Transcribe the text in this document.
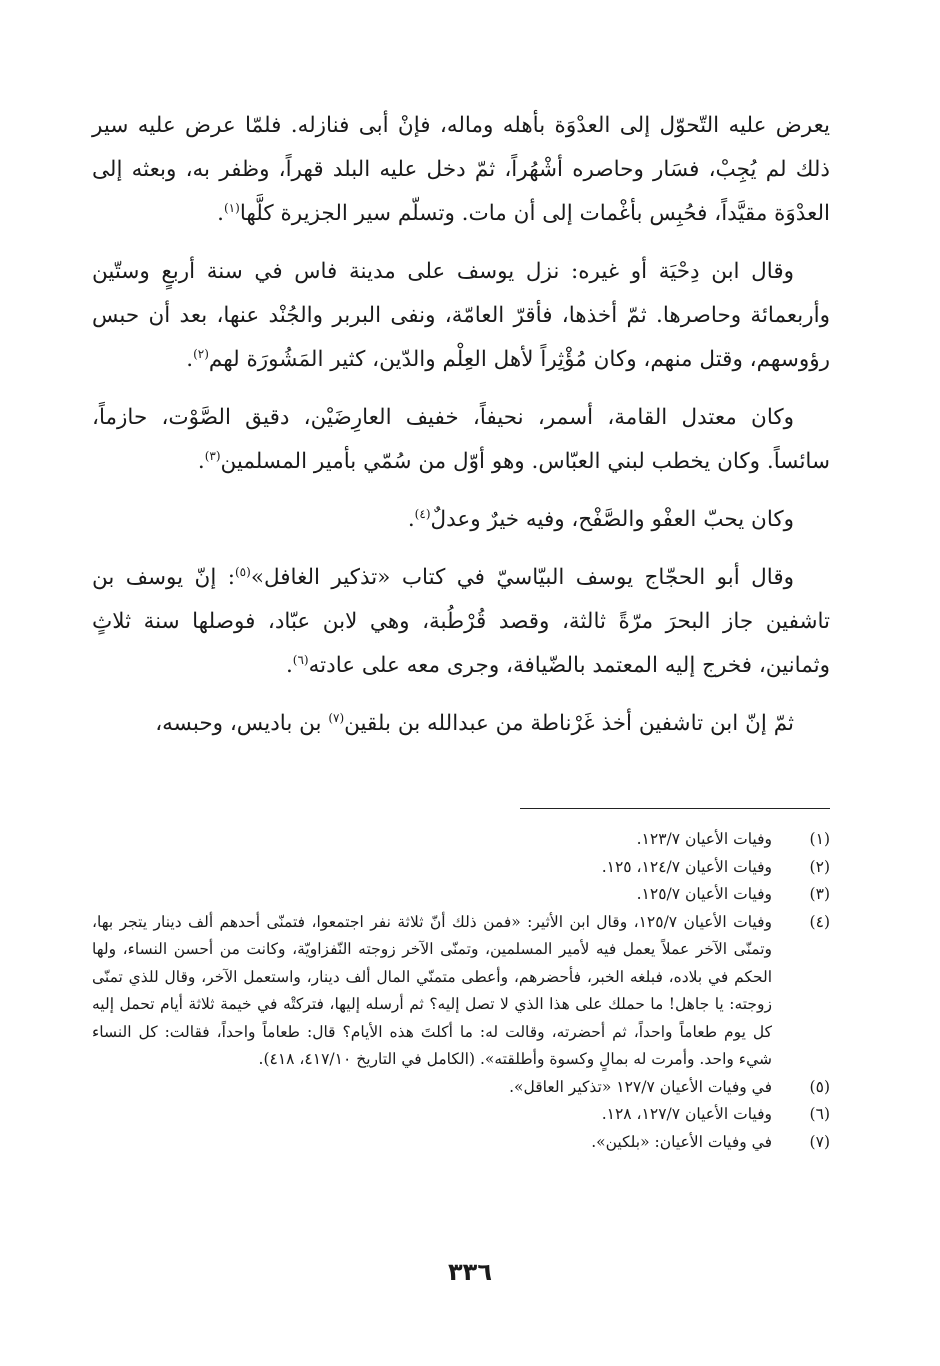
يعرض عليه التّحوّل إلى العدْوَة بأهله وماله، فإنْ أبى فنازله. فلمّا عرض عليه سير ذلك لم يُجِبْ، فسَار وحاصره أشْهُراً، ثمّ دخل عليه البلد قهراً، وظفر به، وبعثه إلى العدْوَة مقيَّداً، فحُبِس بأغْمات إلى أن مات. وتسلّم سير الجزيرة كلَّها$^{(١)}$.

وقال ابن دِحْيَة أو غيره: نزل يوسف على مدينة فاس في سنة أربعٍ وستّين وأربعمائة وحاصرها. ثمّ أخذها، فأقرّ العامّة، ونفى البربر والجُنْد عنها، بعد أن حبس رؤوسهم، وقتل منهم، وكان مُؤْثِراً لأهل العِلْم والدّين، كثير المَشُورَة لهم$^{(٢)}$.

وكان معتدل القامة، أسمر، نحيفاً، خفيف العارِضَيْن، دقيق الصَّوْت، حازماً، سائساً. وكان يخطب لبني العبّاس. وهو أوّل من سُمّي بأمير المسلمين$^{(٣)}$.

وكان يحبّ العفْو والصَّفْح، وفيه خيرٌ وعدلٌ$^{(٤)}$.

وقال أبو الحجّاج يوسف البيّاسيّ في كتاب «تذكير الغافل»$^{(٥)}$: إنّ يوسف بن تاشفين جاز البحرَ مرّةً ثالثة، وقصد قُرْطُبة، وهي لابن عبّاد، فوصلها سنة ثلاثٍ وثمانين، فخرج إليه المعتمد بالضّيافة، وجرى معه على عادته$^{(٦)}$.

ثمّ إنّ ابن تاشفين أخذ غَرْناطة من عبدالله بن بلقين$^{(٧)}$ بن باديس، وحبسه،

(١)
وفيات الأعيان ١٢٣/٧.
(٢)
وفيات الأعيان ١٢٤/٧، ١٢٥.
(٣)
وفيات الأعيان ١٢٥/٧.
(٤)
وفيات الأعيان ١٢٥/٧، وقال ابن الأثير: «فمن ذلك أنّ ثلاثة نفر اجتمعوا، فتمنّى أحدهم ألف دينار يتجر بها، وتمنّى الآخر عملاً يعمل فيه لأمير المسلمين، وتمنّى الآخر زوجته النّفزاويّة، وكانت من أحسن النساء، ولها الحكم في بلاده، فبلغه الخبر، فأحضرهم، وأعطى متمنّي المال ألف دينار، واستعمل الآخر، وقال للذي تمنّى زوجته: يا جاهل! ما حملك على هذا الذي لا تصل إليه؟ ثم أرسله إليها، فتركتْه في خيمة ثلاثة أيام تحمل إليه كل يوم طعاماً واحداً، ثم أحضرته، وقالت له: ما أكلتَ هذه الأيام؟ قال: طعاماً واحداً، فقالت: كل النساء شيء واحد. وأمرت له بمالٍ وكسوة وأطلقته». (الكامل في التاريخ ٤١٧/١٠، ٤١٨).
(٥)
في وفيات الأعيان ١٢٧/٧ «تذكير العاقل».
(٦)
وفيات الأعيان ١٢٧/٧، ١٢٨.
(٧)
في وفيات الأعيان: «بلكين».
٣٣٦
